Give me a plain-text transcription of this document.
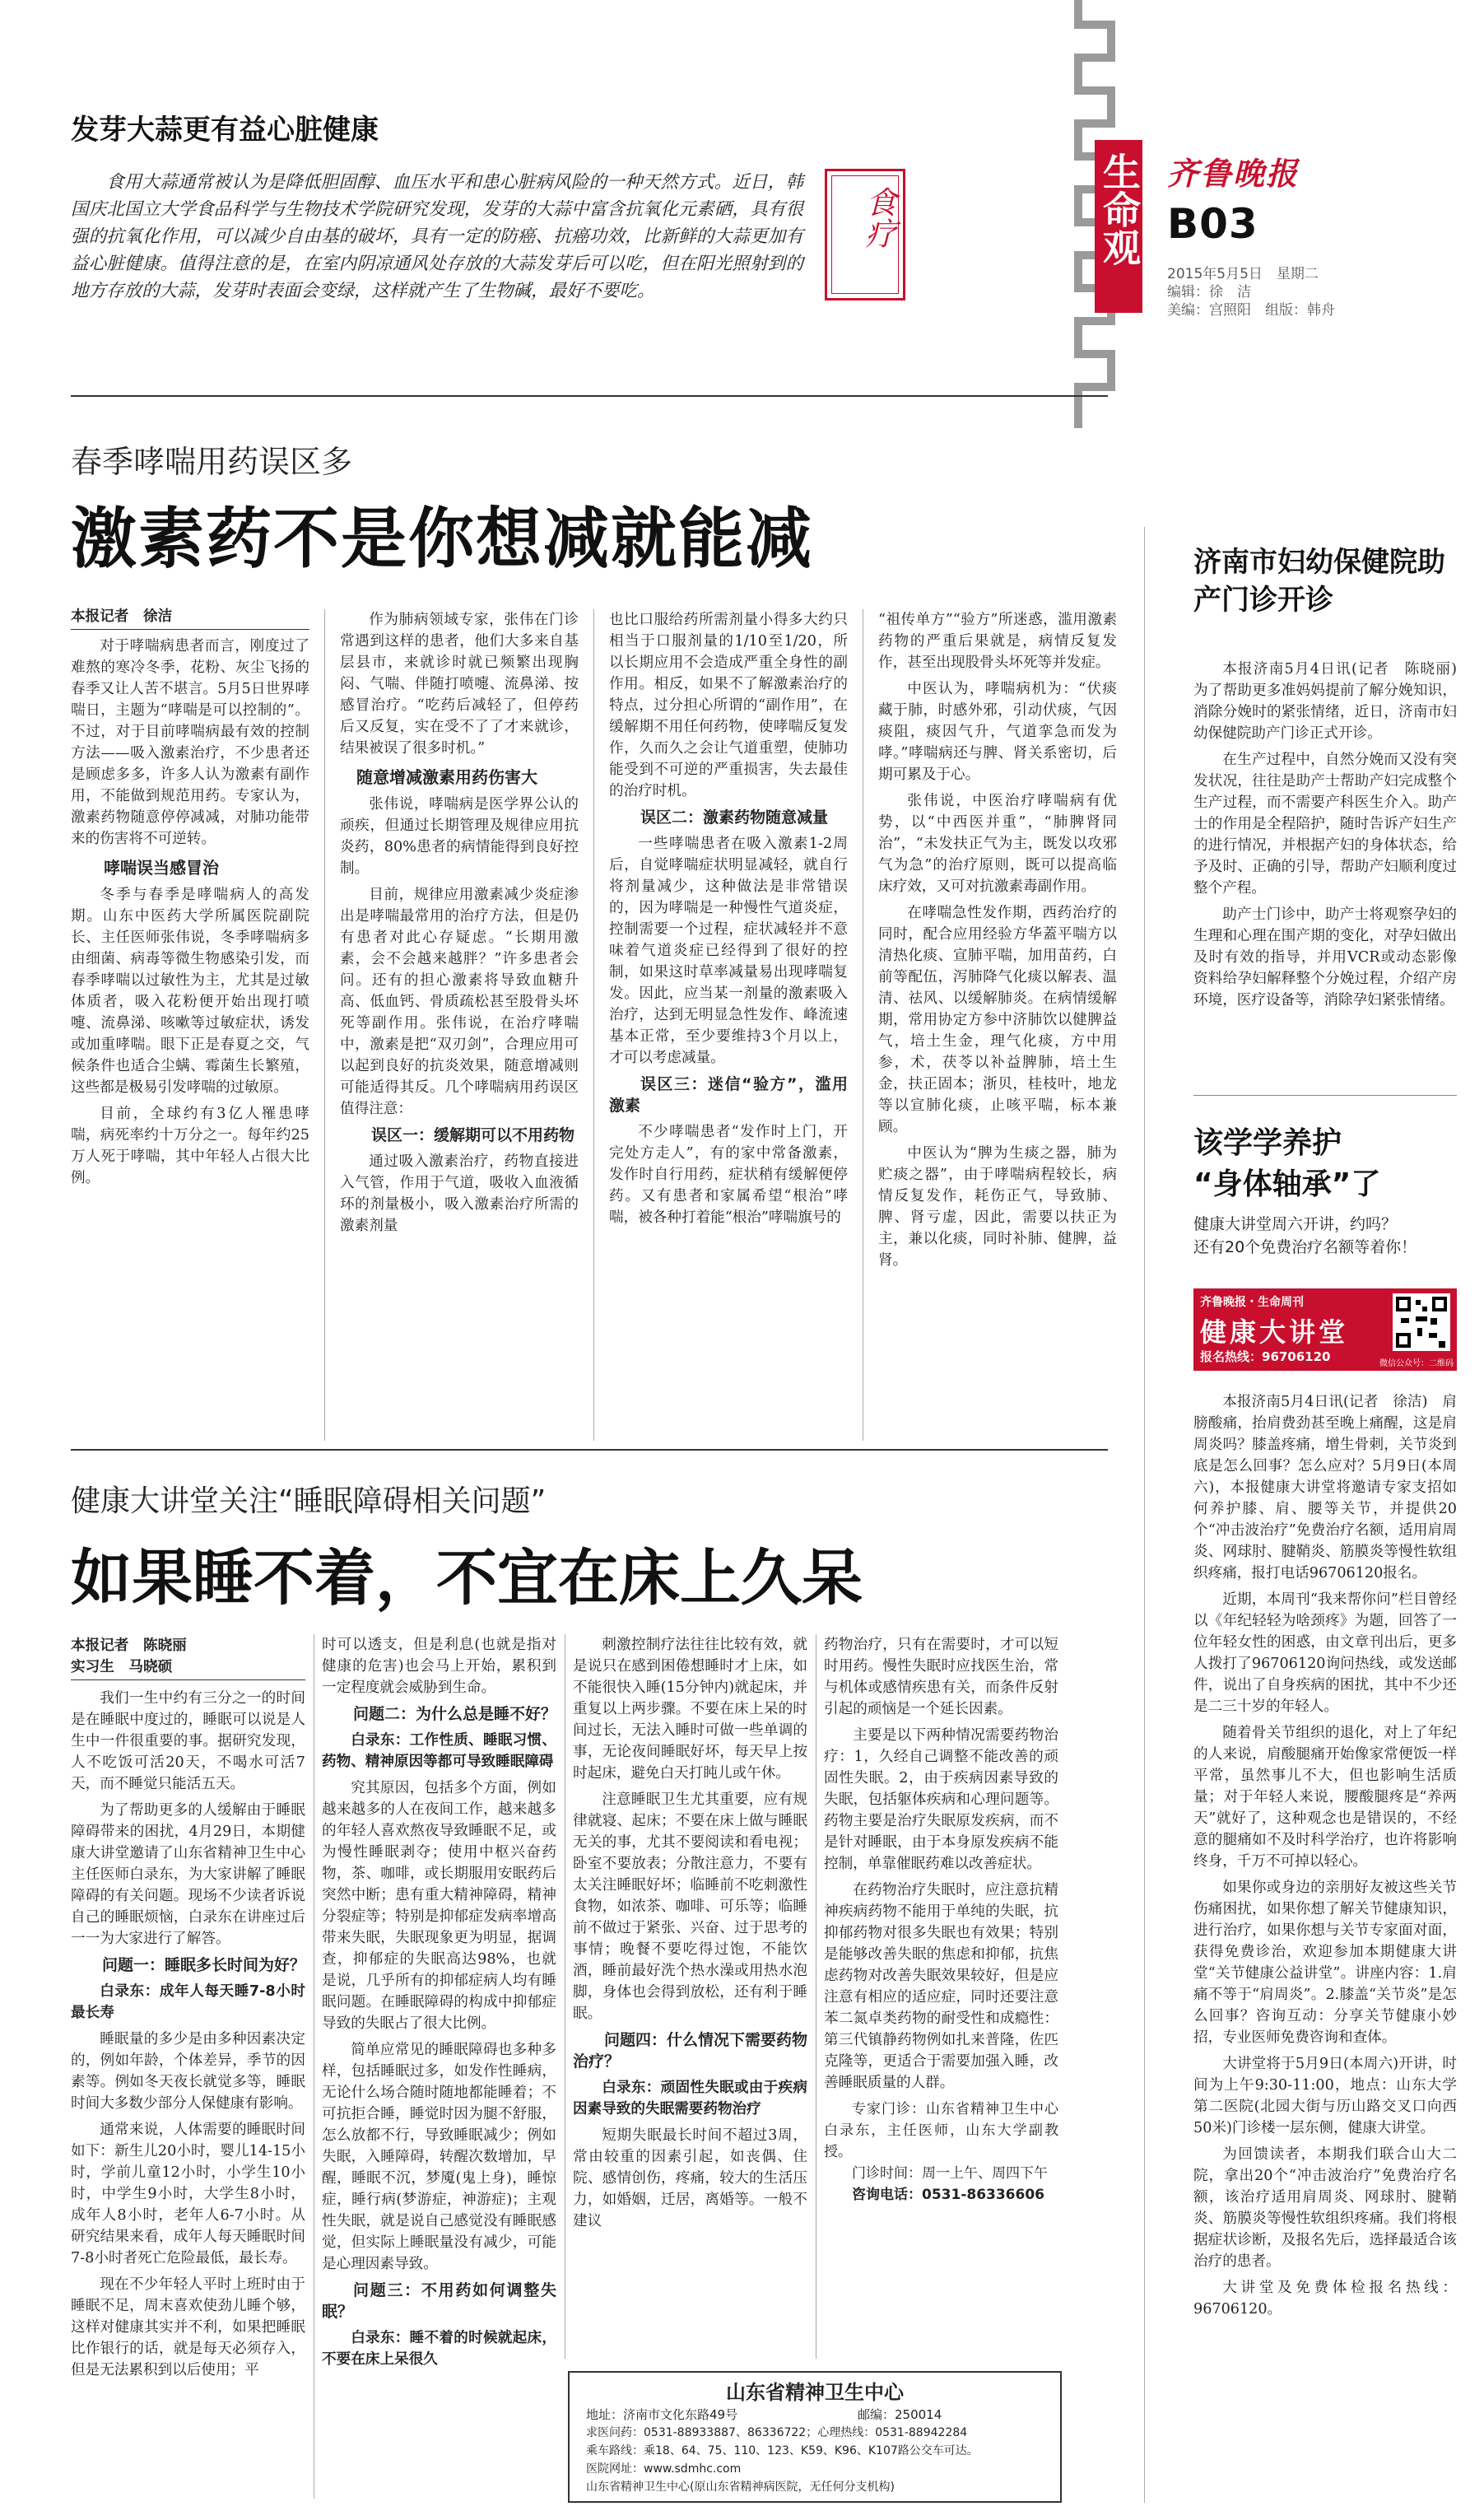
生命观 齐鲁晚报
B03
2015年5月5日　星期二
编辑：徐　洁
美编：宫照阳　组版：韩舟
发芽大蒜更有益心脏健康
食疗

食用大蒜通常被认为是降低胆固醇、血压水平和患心脏病风险的一种天然方式。近日，韩国庆北国立大学食品科学与生物技术学院研究发现，发芽的大蒜中富含抗氧化元素硒，具有很强的抗氧化作用，可以减少自由基的破坏，具有一定的防癌、抗癌功效，比新鲜的大蒜更加有益心脏健康。值得注意的是，在室内阴凉通风处存放的大蒜发芽后可以吃，但在阳光照射到的地方存放的大蒜，发芽时表面会变绿，这样就产生了生物碱，最好不要吃。

春季哮喘用药误区多
激素药不是你想减就能减
本报记者　徐洁

对于哮喘病患者而言，刚度过了难熬的寒冷冬季，花粉、灰尘飞扬的春季又让人苦不堪言。5月5日世界哮喘日，主题为“哮喘是可以控制的”。不过，对于目前哮喘病最有效的控制方法——吸入激素治疗，不少患者还是顾虑多多，许多人认为激素有副作用，不能做到规范用药。专家认为，激素药物随意停停减减，对肺功能带来的伤害将不可逆转。

哮喘误当感冒治

冬季与春季是哮喘病人的高发期。山东中医药大学所属医院副院长、主任医师张伟说，冬季哮喘病多由细菌、病毒等微生物感染引发，而春季哮喘以过敏性为主，尤其是过敏体质者，吸入花粉便开始出现打喷嚏、流鼻涕、咳嗽等过敏症状，诱发或加重哮喘。眼下正是春夏之交，气候条件也适合尘螨、霉菌生长繁殖，这些都是极易引发哮喘的过敏原。

目前，全球约有3亿人罹患哮喘，病死率约十万分之一。每年约25万人死于哮喘，其中年轻人占很大比例。

作为肺病领域专家，张伟在门诊常遇到这样的患者，他们大多来自基层县市，来就诊时就已频繁出现胸闷、气喘、伴随打喷嚏、流鼻涕、按感冒治疗。“吃药后减轻了，但停药后又反复，实在受不了了才来就诊，结果被误了很多时机。”

随意增减激素用药伤害大

张伟说，哮喘病是医学界公认的顽疾，但通过长期管理及规律应用抗炎药，80%患者的病情能得到良好控制。

目前，规律应用激素减少炎症渗出是哮喘最常用的治疗方法，但是仍有患者对此心存疑虑。“长期用激素，会不会越来越胖？”许多患者会问。还有的担心激素将导致血糖升高、低血钙、骨质疏松甚至股骨头坏死等副作用。张伟说，在治疗哮喘中，激素是把“双刃剑”，合理应用可以起到良好的抗炎效果，随意增减则可能适得其反。几个哮喘病用药误区值得注意：

误区一：缓解期可以不用药物

通过吸入激素治疗，药物直接进入气管，作用于气道，吸收入血液循环的剂量极小，吸入激素治疗所需的激素剂量

也比口服给药所需剂量小得多大约只相当于口服剂量的1/10至1/20，所以长期应用不会造成严重全身性的副作用。相反，如果不了解激素治疗的特点，过分担心所谓的“副作用”，在缓解期不用任何药物，使哮喘反复发作，久而久之会让气道重塑，使肺功能受到不可逆的严重损害，失去最佳的治疗时机。

误区二：激素药物随意减量

一些哮喘患者在吸入激素1-2周后，自觉哮喘症状明显减轻，就自行将剂量减少，这种做法是非常错误的，因为哮喘是一种慢性气道炎症，控制需要一个过程，症状减轻并不意味着气道炎症已经得到了很好的控制，如果这时草率减量易出现哮喘复发。因此，应当某一剂量的激素吸入治疗，达到无明显急性发作、峰流速基本正常，至少要维持3个月以上，才可以考虑减量。

误区三：迷信“验方”，滥用激素

不少哮喘患者“发作时上门，开完处方走人”，有的家中常备激素，发作时自行用药，症状稍有缓解便停药。又有患者和家属希望“根治”哮喘，被各种打着能“根治”哮喘旗号的

“祖传单方”“验方”所迷惑，滥用激素药物的严重后果就是，病情反复发作，甚至出现股骨头坏死等并发症。

中医认为，哮喘病机为：“伏痰藏于肺，时感外邪，引动伏痰，气因痰阻，痰因气升，气道挛急而发为哮。”哮喘病还与脾、肾关系密切，后期可累及于心。

张伟说，中医治疗哮喘病有优势，以“中西医并重”，“肺脾肾同治”，“未发扶正气为主，既发以攻邪气为急”的治疗原则，既可以提高临床疗效，又可对抗激素毒副作用。

在哮喘急性发作期，西药治疗的同时，配合应用经验方华蓋平喘方以清热化痰、宣肺平喘，加用苗药，白前等配伍，泻肺降气化痰以解表、温清、祛风、以缓解肺炎。在病情缓解期，常用协定方参中济肺饮以健脾益气，培土生金，理气化痰，方中用参，术，茯苓以补益脾肺，培土生金，扶正固本；浙贝，桂枝叶，地龙等以宣肺化痰，止咳平喘，标本兼顾。

中医认为“脾为生痰之器，肺为贮痰之器”，由于哮喘病程较长，病情反复发作，耗伤正气，导致肺、脾、肾亏虚，因此，需要以扶正为主，兼以化痰，同时补肺、健脾，益肾。

健康大讲堂关注“睡眠障碍相关问题”
如果睡不着，不宜在床上久呆
本报记者　陈晓丽
实习生　马晓硕

我们一生中约有三分之一的时间是在睡眠中度过的，睡眠可以说是人生中一件很重要的事。据研究发现，人不吃饭可活20天，不喝水可活7天，而不睡觉只能活五天。

为了帮助更多的人缓解由于睡眠障碍带来的困扰，4月29日，本期健康大讲堂邀请了山东省精神卫生中心主任医师白录东，为大家讲解了睡眠障碍的有关问题。现场不少读者诉说自己的睡眠烦恼，白录东在讲座过后一一为大家进行了解答。

问题一：睡眠多长时间为好？
白录东：成年人每天睡7-8小时最长寿

睡眠量的多少是由多种因素决定的，例如年龄，个体差异，季节的因素等。例如冬天夜长就觉多等，睡眠时间大多数少部分人保健康有影响。

通常来说，人体需要的睡眠时间如下：新生儿20小时，婴儿14-15小时，学前儿童12小时，小学生10小时，中学生9小时，大学生8小时，成年人8小时，老年人6-7小时。从研究结果来看，成年人每天睡眠时间7-8小时者死亡危险最低，最长寿。

现在不少年轻人平时上班时由于睡眠不足，周末喜欢使劲儿睡个够，这样对健康其实并不利，如果把睡眠比作银行的话，就是每天必须存入，但是无法累积到以后使用；平

时可以透支，但是利息(也就是指对健康的危害)也会马上开始，累积到一定程度就会威胁到生命。

问题二：为什么总是睡不好？
白录东：工作性质、睡眠习惯、药物、精神原因等都可导致睡眠障碍

究其原因，包括多个方面，例如越来越多的人在夜间工作，越来越多的年轻人喜欢熬夜导致睡眠不足，或为慢性睡眠剥夺；使用中枢兴奋药物，茶、咖啡，或长期服用安眠药后突然中断；患有重大精神障碍，精神分裂症等；特别是抑郁症发病率增高带来失眠，失眠现象更为明显，据调查，抑郁症的失眠高达98%，也就是说，几乎所有的抑郁症病人均有睡眠问题。在睡眠障碍的构成中抑郁症导致的失眠占了很大比例。

简单应常见的睡眠障碍也多种多样，包括睡眠过多，如发作性睡病，无论什么场合随时随地都能睡着；不可抗拒合睡，睡觉时因为腿不舒服，怎么放都不行，导致睡眠减少；例如失眠，入睡障碍，转醒次数增加，早醒，睡眠不沉，梦魇(鬼上身)，睡惊症，睡行病(梦游症，神游症)；主观性失眠，就是说自己感觉没有睡眠感觉，但实际上睡眠量没有减少，可能是心理因素导致。

问题三：不用药如何调整失眠？
白录东：睡不着的时候就起床，不要在床上呆很久

刺激控制疗法往往比较有效，就是说只在感到困倦想睡时才上床，如不能很快入睡(15分钟内)就起床，并重复以上两步骤。不要在床上呆的时间过长，无法入睡时可做一些单调的事，无论夜间睡眠好坏，每天早上按时起床，避免白天打盹儿或午休。

注意睡眠卫生尤其重要，应有规律就寝、起床；不要在床上做与睡眠无关的事，尤其不要阅读和看电视；卧室不要放表；分散注意力，不要有太关注睡眠好坏；临睡前不吃刺激性食物，如浓茶、咖啡、可乐等；临睡前不做过于紧张、兴奋、过于思考的事情；晚餐不要吃得过饱，不能饮酒，睡前最好洗个热水澡或用热水泡脚，身体也会得到放松，还有利于睡眠。

问题四：什么情况下需要药物治疗？
白录东：顽固性失眠或由于疾病因素导致的失眠需要药物治疗

短期失眠最长时间不超过3周，常由较重的因素引起，如丧偶、住院、感情创伤，疼痛，较大的生活压力，如婚姻，迁居，离婚等。一般不建议

药物治疗，只有在需要时，才可以短时用药。慢性失眠时应找医生治，常与机体或感情疾患有关，而条件反射引起的顽恼是一个延长因素。

主要是以下两种情况需要药物治疗：1，久经自己调整不能改善的顽固性失眠。2，由于疾病因素导致的失眠，包括躯体疾病和心理问题等。药物主要是治疗失眠原发疾病，而不是针对睡眠，由于本身原发疾病不能控制，单靠催眠药难以改善症状。

在药物治疗失眠时，应注意抗精神疾病药物不能用于单纯的失眠，抗抑郁药物对很多失眠也有效果；特别是能够改善失眠的焦虑和抑郁，抗焦虑药物对改善失眠效果较好，但是应注意有相应的适应症，同时还要注意苯二氮卓类药物的耐受性和成瘾性：第三代镇静药物例如扎来普隆，佐匹克隆等，更适合于需要加强入睡，改善睡眠质量的人群。

专家门诊：山东省精神卫生中心白录东，主任医师，山东大学副教授。
门诊时间：周一上午、周四下午
咨询电话：0531-86336606
山东省精神卫生中心
地址：济南市文化东路49号	邮编：250014
求医问药：0531-88933887、86336722；心理热线：0531-88942284
乘车路线：乘18、64、75、110、123、K59、K96、K107路公交车可达。
医院网址：www.sdmhc.com
山东省精神卫生中心(原山东省精神病医院，无任何分支机构)
济南市妇幼保健院助产门诊开诊

本报济南5月4日讯(记者　陈晓丽)　为了帮助更多准妈妈提前了解分娩知识，消除分娩时的紧张情绪，近日，济南市妇幼保健院助产门诊正式开诊。

在生产过程中，自然分娩而又没有突发状况，往往是助产士帮助产妇完成整个生产过程，而不需要产科医生介入。助产士的作用是全程陪护，随时告诉产妇生产的进行情况，并根据产妇的身体状态，给予及时、正确的引导，帮助产妇顺利度过整个产程。

助产士门诊中，助产士将观察孕妇的生理和心理在围产期的变化，对孕妇做出及时有效的指导，并用VCR或动态影像资料给孕妇解释整个分娩过程，介绍产房环境，医疗设备等，消除孕妇紧张情绪。

该学学养护
“身体轴承”了
健康大讲堂周六开讲，约吗？
还有20个免费治疗名额等着你！
齐鲁晚报・生命周刊
健康大讲堂
报名热线：96706120	微信公众号：二维码

本报济南5月4日讯(记者　徐洁)　肩膀酸痛，抬肩费劲甚至晚上痛醒，这是肩周炎吗？膝盖疼痛，增生骨刺，关节炎到底是怎么回事？怎么应对？5月9日(本周六)，本报健康大讲堂将邀请专家支招如何养护膝、肩、腰等关节，并提供20个“冲击波治疗”免费治疗名额，适用肩周炎、网球肘、腱鞘炎、筋膜炎等慢性软组织疼痛，报打电话96706120报名。

近期，本周刊“我来帮你问”栏目曾经以《年纪轻轻为啥颈疼》为题，回答了一位年轻女性的困惑，由文章刊出后，更多人拨打了96706120询问热线，或发送邮件，说出了自身疾病的困扰，其中不少还是二三十岁的年轻人。

随着骨关节组织的退化，对上了年纪的人来说，肩酸腿痛开始像家常便饭一样平常，虽然事儿不大，但也影响生活质量；对于年轻人来说，腰酸腿疼是“养两天”就好了，这种观念也是错误的，不经意的腿痛如不及时科学治疗，也许将影响终身，千万不可掉以轻心。

如果你或身边的亲朋好友被这些关节伤痛困扰，如果你想了解关节健康知识，进行治疗，如果你想与关节专家面对面，获得免费诊治，欢迎参加本期健康大讲堂“关节健康公益讲堂”。讲座内容：1.肩痛不等于“肩周炎”。2.膝盖“关节炎”是怎么回事？咨询互动：分享关节健康小妙招，专业医师免费咨询和查体。

大讲堂将于5月9日(本周六)开讲，时间为上午9:30-11:00，地点：山东大学第二医院(北园大街与历山路交叉口向西50米)门诊楼一层东侧，健康大讲堂。

为回馈读者，本期我们联合山大二院，拿出20个“冲击波治疗”免费治疗名额，该治疗适用肩周炎、网球肘、腱鞘炎、筋膜炎等慢性软组织疼痛。我们将根据症状诊断，及报名先后，选择最适合该治疗的患者。

大讲堂及免费体检报名热线：96706120。
